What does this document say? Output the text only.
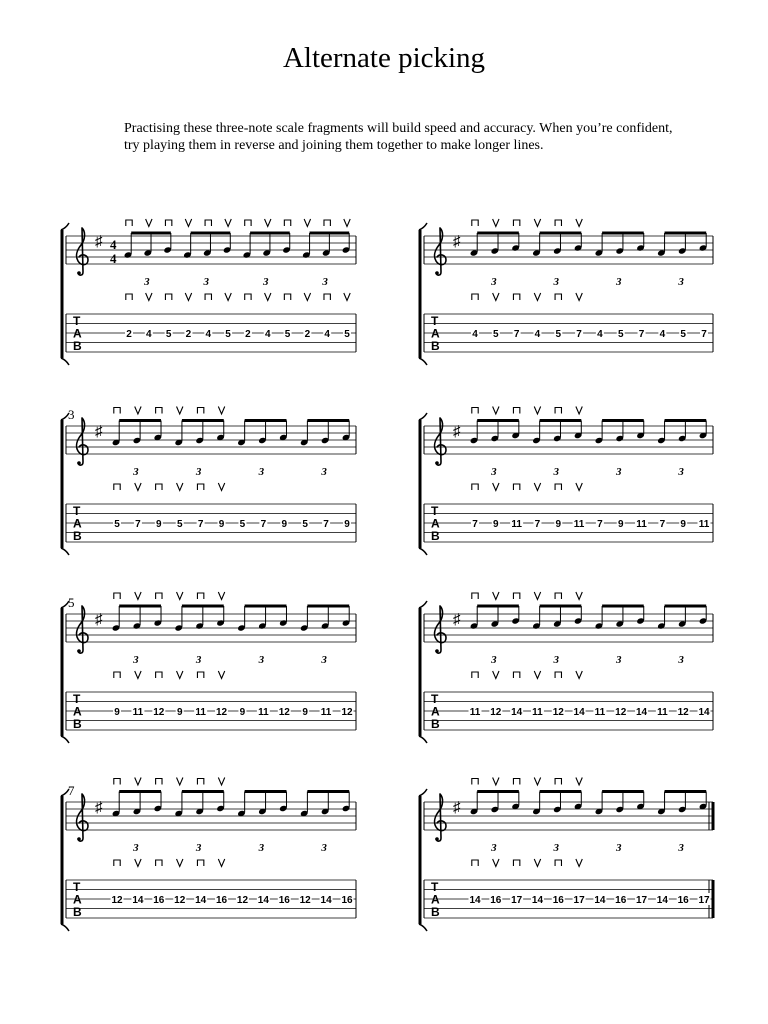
Alternate picking

Practising these three-note scale fragments will build speed and accuracy. When you’re confident, try playing them in reverse and joining them together to make longer lines.

♯ 4
4
T
A
B
3	3	3	3
2 4 5 2 4 5 2 4 5 2 4 5
♯
T
A
B
3	3	3	3
4 5 7 4 5 7 4 5 7 4 5 7
3
♯
T
A
B
3	3	3	3
5 7 9 5 7 9 5 7 9 5 7 9
♯
T
A
B
3	3	3	3
7 9 11 7 9 11 7 9 11 7 9 11
5
♯
T
A
B
3	3	3	3
9 11 12 9 11 12 9 11 12 9 11 12
♯
T
A
B
3	3	3	3
11 12 14 11 12 14 11 12 14 11 12 14
7
♯
T
A
B
3	3	3	3
12 14 16 12 14 16 12 14 16 12 14 16
♯
T
A
B
3	3	3	3
14 16 17 14 16 17 14 16 17 14 16 17
